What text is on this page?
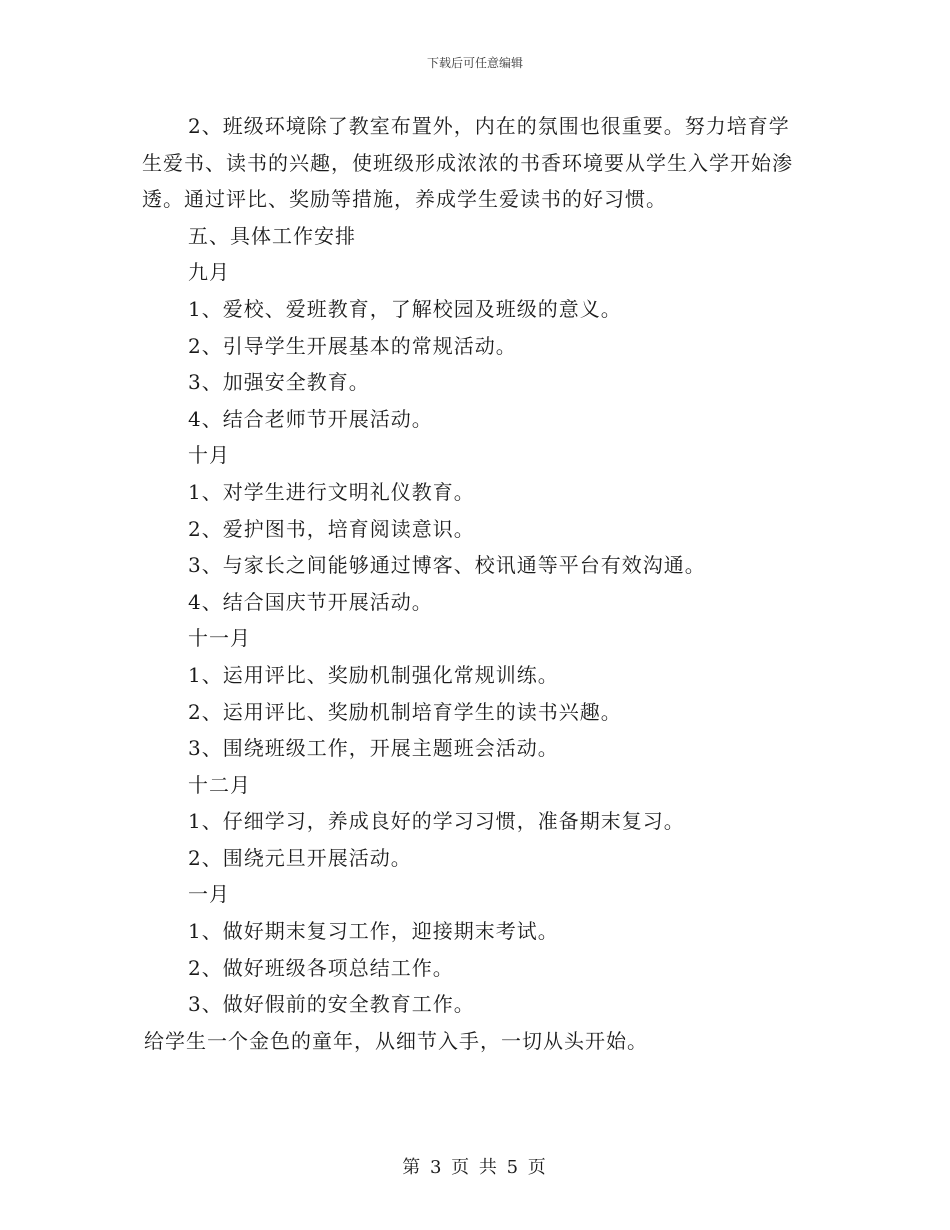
下载后可任意编辑

2、班级环境除了教室布置外，内在的氛围也很重要。努力培育学生爱书、读书的兴趣，使班级形成浓浓的书香环境要从学生入学开始渗透。通过评比、奖励等措施，养成学生爱读书的好习惯。

五、具体工作安排

九月

1、爱校、爱班教育，了解校园及班级的意义。

2、引导学生开展基本的常规活动。

3、加强安全教育。

4、结合老师节开展活动。

十月

1、对学生进行文明礼仪教育。

2、爱护图书，培育阅读意识。

3、与家长之间能够通过博客、校讯通等平台有效沟通。

4、结合国庆节开展活动。

十一月

1、运用评比、奖励机制强化常规训练。

2、运用评比、奖励机制培育学生的读书兴趣。

3、围绕班级工作，开展主题班会活动。

十二月

1、仔细学习，养成良好的学习习惯，准备期末复习。

2、围绕元旦开展活动。

一月

1、做好期末复习工作，迎接期末考试。

2、做好班级各项总结工作。

3、做好假前的安全教育工作。

给学生一个金色的童年，从细节入手，一切从头开始。

第 3 页 共 5 页
